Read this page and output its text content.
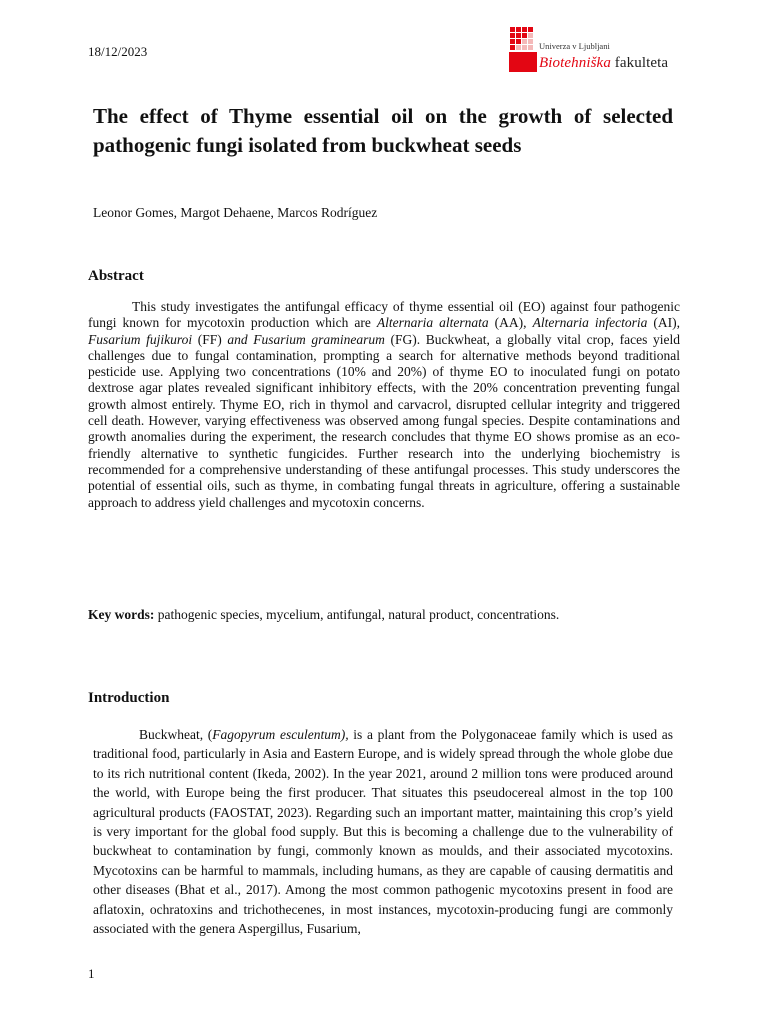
18/12/2023	Univerza v Ljubljani
Biotehniška fakulteta
The effect of Thyme essential oil on the growth of selected pathogenic fungi isolated from buckwheat seeds
Leonor Gomes, Margot Dehaene, Marcos Rodríguez
Abstract

This study investigates the antifungal efficacy of thyme essential oil (EO) against four pathogenic fungi known for mycotoxin production which are Alternaria alternata (AA), Alternaria infectoria (AI), Fusarium fujikuroi (FF) and Fusarium graminearum (FG). Buckwheat, a globally vital crop, faces yield challenges due to fungal contamination, prompting a search for alternative methods beyond traditional pesticide use. Applying two concentrations (10% and 20%) of thyme EO to inoculated fungi on potato dextrose agar plates revealed significant inhibitory effects, with the 20% concentration preventing fungal growth almost entirely. Thyme EO, rich in thymol and carvacrol, disrupted cellular integrity and triggered cell death. However, varying effectiveness was observed among fungal species. Despite contaminations and growth anomalies during the experiment, the research concludes that thyme EO shows promise as an eco-friendly alternative to synthetic fungicides. Further research into the underlying biochemistry is recommended for a comprehensive understanding of these antifungal processes. This study underscores the potential of essential oils, such as thyme, in combating fungal threats in agriculture, offering a sustainable approach to address yield challenges and mycotoxin concerns.

Key words: pathogenic species, mycelium, antifungal, natural product, concentrations.

Introduction

Buckwheat, (Fagopyrum esculentum), is a plant from the Polygonaceae family which is used as traditional food, particularly in Asia and Eastern Europe, and is widely spread through the whole globe due to its rich nutritional content (Ikeda, 2002). In the year 2021, around 2 million tons were produced around the world, with Europe being the first producer. That situates this pseudocereal almost in the top 100 agricultural products (FAOSTAT, 2023). Regarding such an important matter, maintaining this crop’s yield is very important for the global food supply. But this is becoming a challenge due to the vulnerability of buckwheat to contamination by fungi, commonly known as moulds, and their associated mycotoxins. Mycotoxins can be harmful to mammals, including humans, as they are capable of causing dermatitis and other diseases (Bhat et al., 2017). Among the most common pathogenic mycotoxins present in food are aflatoxin, ochratoxins and trichothecenes, in most instances, mycotoxin-producing fungi are commonly associated with the genera Aspergillus, Fusarium,

1
